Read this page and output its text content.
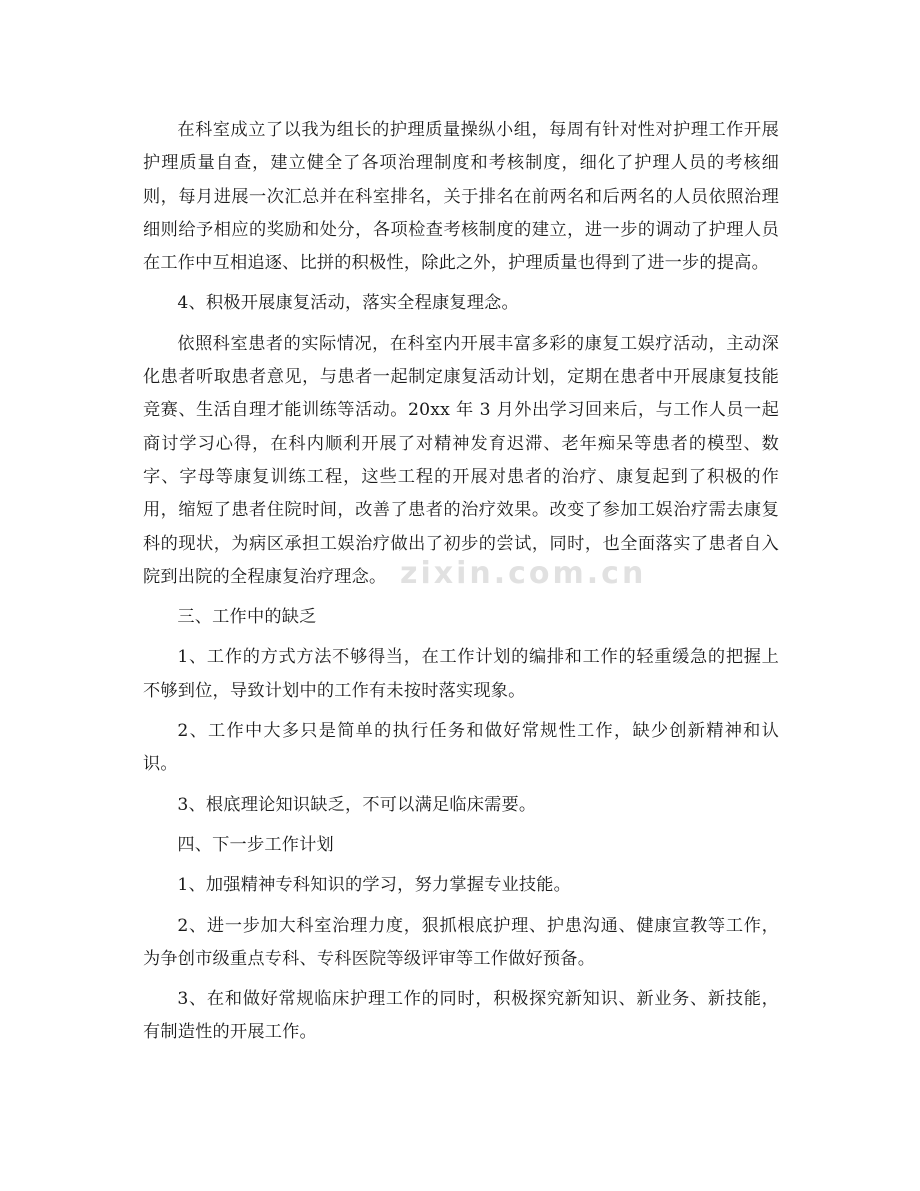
在科室成立了以我为组长的护理质量操纵小组，每周有针对性对护理工作开展护理质量自查，建立健全了各项治理制度和考核制度，细化了护理人员的考核细则，每月进展一次汇总并在科室排名，关于排名在前两名和后两名的人员依照治理细则给予相应的奖励和处分，各项检查考核制度的建立，进一步的调动了护理人员在工作中互相追逐、比拼的积极性，除此之外，护理质量也得到了进一步的提高。

4、积极开展康复活动，落实全程康复理念。

依照科室患者的实际情况，在科室内开展丰富多彩的康复工娱疗活动，主动深化患者听取患者意见，与患者一起制定康复活动计划，定期在患者中开展康复技能竞赛、生活自理才能训练等活动。20xx 年 3 月外出学习回来后，与工作人员一起商讨学习心得，在科内顺利开展了对精神发育迟滞、老年痴呆等患者的模型、数字、字母等康复训练工程，这些工程的开展对患者的治疗、康复起到了积极的作用，缩短了患者住院时间，改善了患者的治疗效果。改变了参加工娱治疗需去康复科的现状，为病区承担工娱治疗做出了初步的尝试，同时，也全面落实了患者自入院到出院的全程康复治疗理念。

三、工作中的缺乏

1、工作的方式方法不够得当，在工作计划的编排和工作的轻重缓急的把握上不够到位，导致计划中的工作有未按时落实现象。

2、工作中大多只是简单的执行任务和做好常规性工作，缺少创新精神和认识。

3、根底理论知识缺乏，不可以满足临床需要。

四、下一步工作计划

1、加强精神专科知识的学习，努力掌握专业技能。

2、进一步加大科室治理力度，狠抓根底护理、护患沟通、健康宣教等工作，为争创市级重点专科、专科医院等级评审等工作做好预备。

3、在和做好常规临床护理工作的同时，积极探究新知识、新业务、新技能，有制造性的开展工作。

zixin.com.cn
